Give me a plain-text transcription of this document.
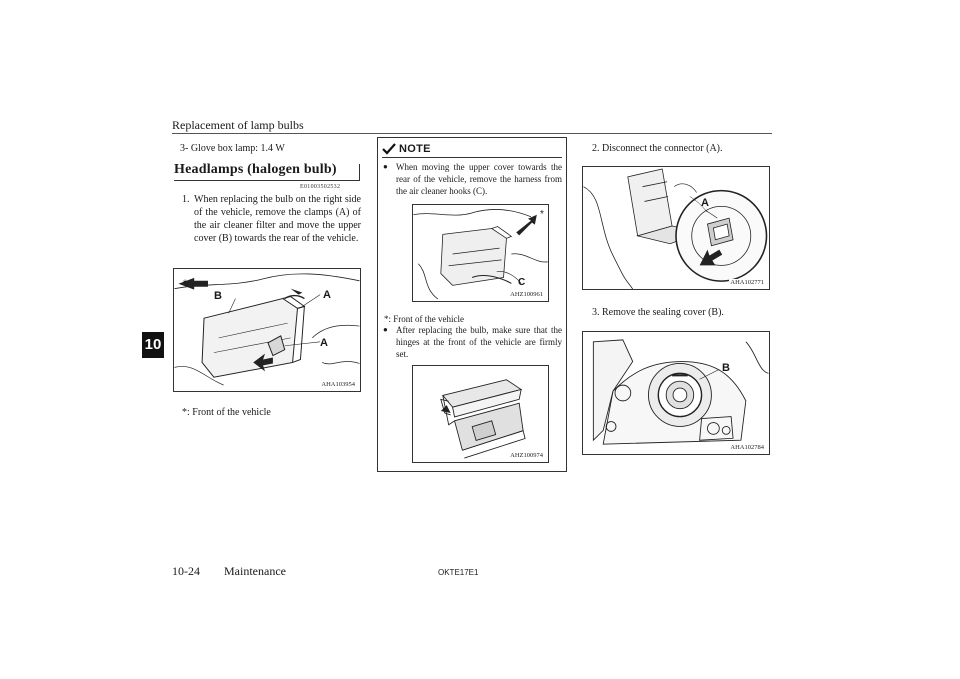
Replacement of lamp bulbs
10
3- Glove box lamp: 1.4 W
Headlamps (halogen bulb)
E01003502532
1. When replacing the bulb on the right side of the vehicle, remove the clamps (A) of the air cleaner filter and move the upper cover (B) towards the rear of the vehicle.
*
B	A
A
AHA103954
*: Front of the vehicle
NOTE
● When moving the upper cover towards the rear of the vehicle, remove the harness from the air cleaner hooks (C).
*
C
AHZ100961
*: Front of the vehicle
● After replacing the bulb, make sure that the hinges at the front of the vehicle are firmly set.
AHZ100974
2. Disconnect the connector (A).
A
AHA102771
3. Remove the sealing cover (B).
B
AHA102784
10-24 Maintenance	OKTE17E1
